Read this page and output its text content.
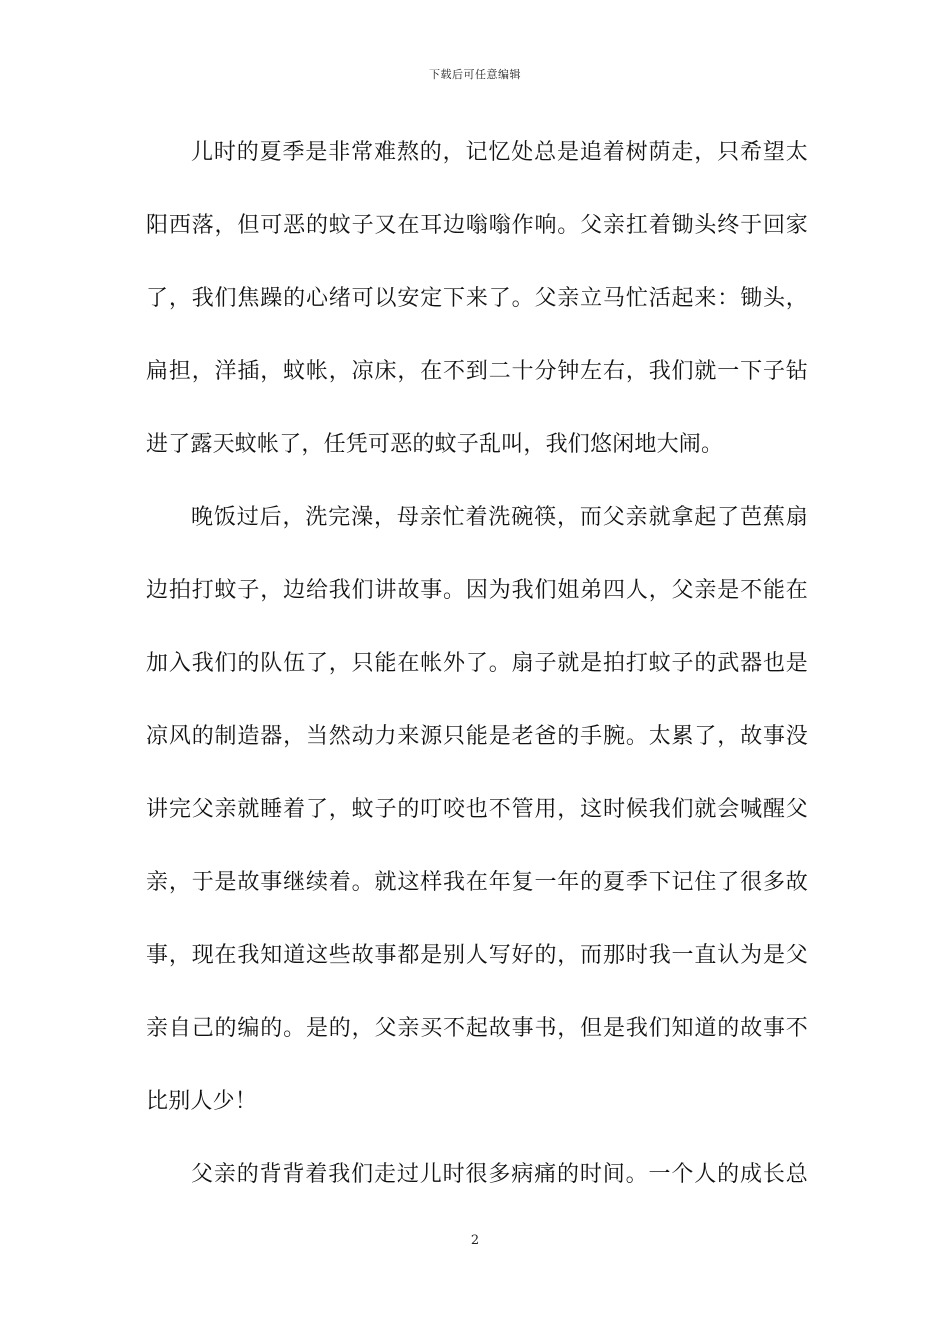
下载后可任意编辑
儿时的夏季是非常难熬的，记忆处总是追着树荫走，只希望太
阳西落，但可恶的蚊子又在耳边嗡嗡作响。父亲扛着锄头终于回家
了，我们焦躁的心绪可以安定下来了。父亲立马忙活起来：锄头，
扁担，洋插，蚊帐，凉床，在不到二十分钟左右，我们就一下子钻
进了露天蚊帐了，任凭可恶的蚊子乱叫，我们悠闲地大闹。
晚饭过后，洗完澡，母亲忙着洗碗筷，而父亲就拿起了芭蕉扇
边拍打蚊子，边给我们讲故事。因为我们姐弟四人，父亲是不能在
加入我们的队伍了，只能在帐外了。扇子就是拍打蚊子的武器也是
凉风的制造器，当然动力来源只能是老爸的手腕。太累了，故事没
讲完父亲就睡着了，蚊子的叮咬也不管用，这时候我们就会喊醒父
亲，于是故事继续着。就这样我在年复一年的夏季下记住了很多故
事，现在我知道这些故事都是别人写好的，而那时我一直认为是父
亲自己的编的。是的，父亲买不起故事书，但是我们知道的故事不
比别人少！
父亲的背背着我们走过儿时很多病痛的时间。一个人的成长总
2
